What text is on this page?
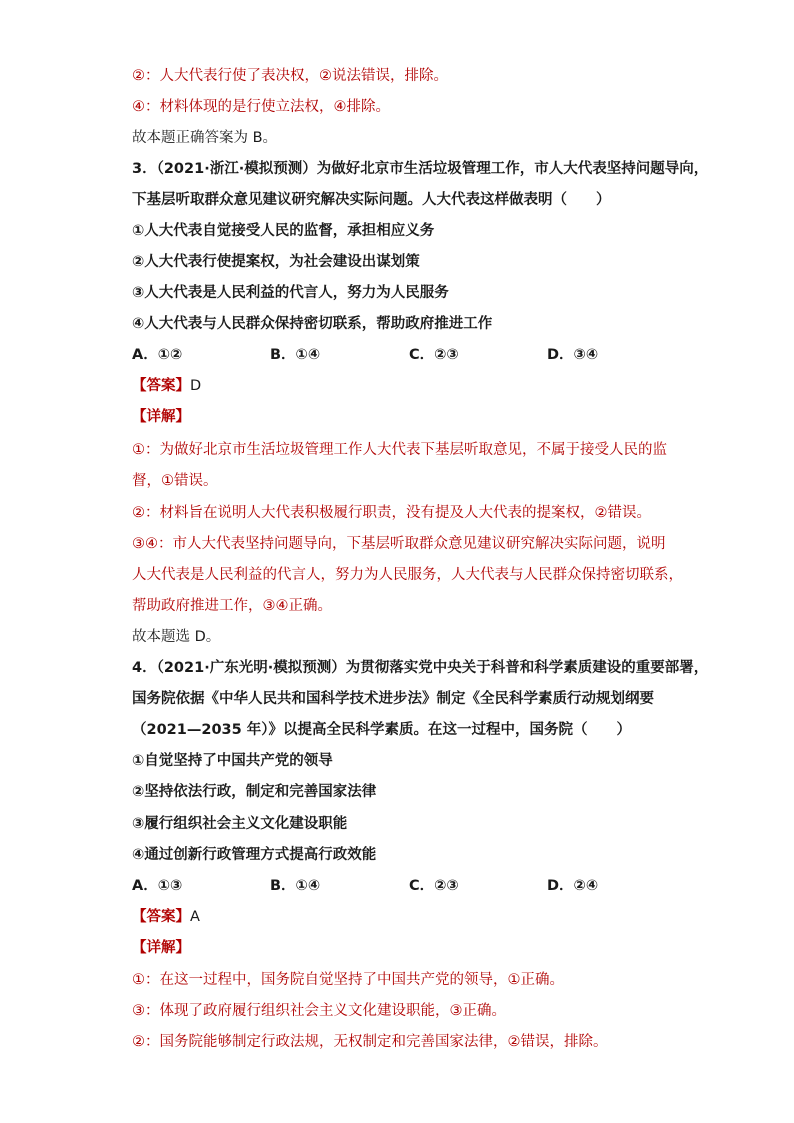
②：人大代表行使了表决权，②说法错误，排除。
④：材料体现的是行使立法权，④排除。
故本题正确答案为 B。
3．（2021·浙江·模拟预测）为做好北京市生活垃圾管理工作，市人大代表坚持问题导向，
下基层听取群众意见建议研究解决实际问题。人大代表这样做表明（　　）
①人大代表自觉接受人民的监督，承担相应义务
②人大代表行使提案权，为社会建设出谋划策
③人大代表是人民利益的代言人，努力为人民服务
④人大代表与人民群众保持密切联系，帮助政府推进工作
A．①②	B．①④	C．②③	D．③④
【答案】D
【详解】
①：为做好北京市生活垃圾管理工作人大代表下基层听取意见，不属于接受人民的监
督，①错误。
②：材料旨在说明人大代表积极履行职责，没有提及人大代表的提案权，②错误。
③④：市人大代表坚持问题导向，下基层听取群众意见建议研究解决实际问题，说明
人大代表是人民利益的代言人，努力为人民服务，人大代表与人民群众保持密切联系，
帮助政府推进工作，③④正确。
故本题选 D。
4．（2021·广东光明·模拟预测）为贯彻落实党中央关于科普和科学素质建设的重要部署，
国务院依据《中华人民共和国科学技术进步法》制定《全民科学素质行动规划纲要
（2021—2035 年）》以提高全民科学素质。在这一过程中，国务院（　　）
①自觉坚持了中国共产党的领导
②坚持依法行政，制定和完善国家法律
③履行组织社会主义文化建设职能
④通过创新行政管理方式提高行政效能
A．①③	B．①④	C．②③	D．②④
【答案】A
【详解】
①：在这一过程中，国务院自觉坚持了中国共产党的领导，①正确。
③：体现了政府履行组织社会主义文化建设职能，③正确。
②：国务院能够制定行政法规，无权制定和完善国家法律，②错误，排除。
